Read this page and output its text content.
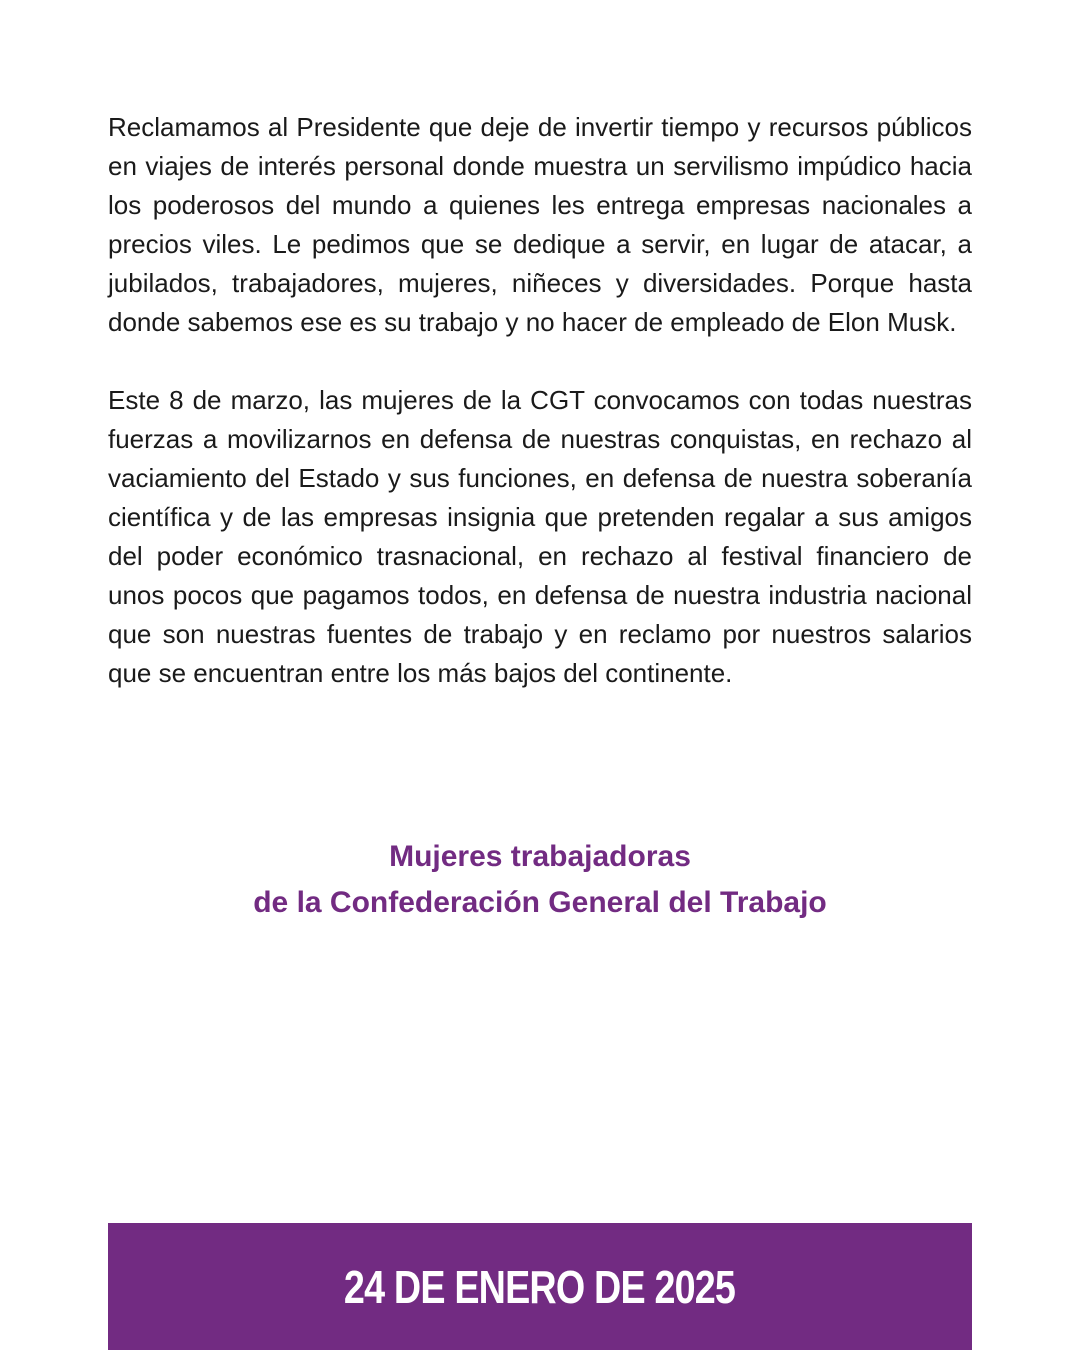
Reclamamos al Presidente que deje de invertir tiempo y recursos públicos en viajes de interés personal donde muestra un servilismo impúdico hacia los poderosos del mundo a quienes les entrega empresas nacionales a precios viles. Le pedimos que se dedique a servir, en lugar de atacar, a jubilados, trabajadores, mujeres, niñeces y diversidades. Porque hasta donde sabemos ese es su trabajo y no hacer de empleado de Elon Musk.

Este 8 de marzo, las mujeres de la CGT convocamos con todas nuestras fuerzas a movilizarnos en defensa de nuestras conquistas, en rechazo al vaciamiento del Estado y sus funciones, en defensa de nuestra soberanía científica y de las empresas insignia que pretenden regalar a sus amigos del poder económico trasnacional, en rechazo al festival financiero de unos pocos que pagamos todos, en defensa de nuestra industria nacional que son nuestras fuentes de trabajo y en reclamo por nuestros salarios que se encuentran entre los más bajos del continente.

Mujeres trabajadoras
de la Confederación General del Trabajo
24 DE ENERO DE 2025
